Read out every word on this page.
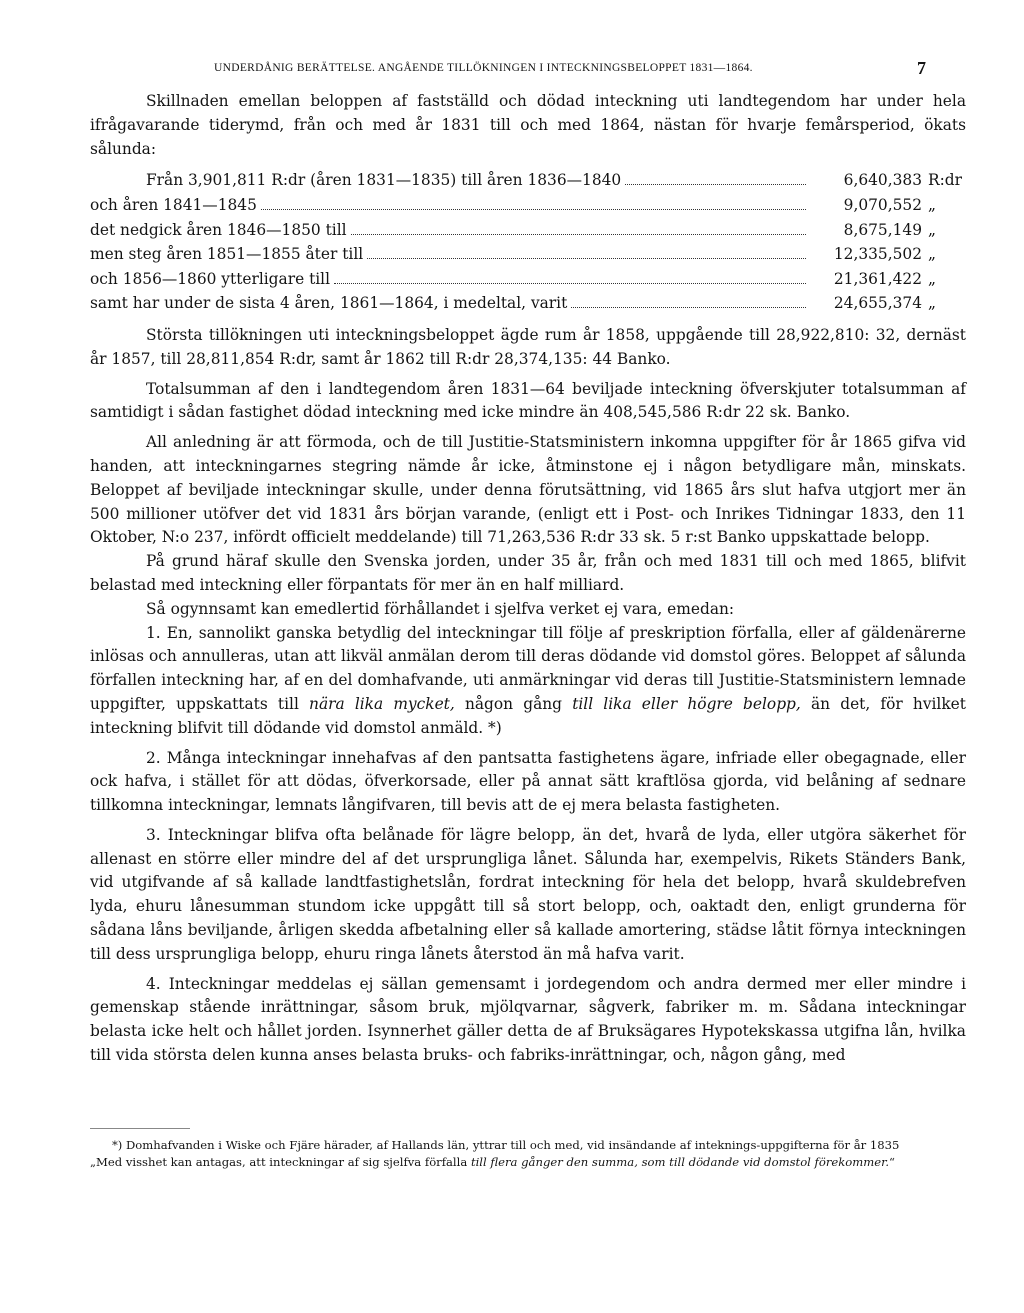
UNDERDÅNIG BERÄTTELSE. ANGÅENDE TILLÖKNINGEN I INTECKNINGSBELOPPET 1831—1864.	7

Skillnaden emellan beloppen af fastställd och dödad inteckning uti landtegendom har under hela ifrågavarande tiderymd, från och med år 1831 till och med 1864, nästan för hvarje femårsperiod, ökats sålunda:

Från 3,901,811 R:dr (åren 1831—1835) till åren 1836—1840	6,640,383 R:dr
och åren 1841—1845	9,070,552 „
det nedgick åren 1846—1850 till	8,675,149 „
men steg åren 1851—1855 åter till	12,335,502 „
och 1856—1860 ytterligare till	21,361,422 „
samt har under de sista 4 åren, 1861—1864, i medeltal, varit	24,655,374 „

Största tillökningen uti inteckningsbeloppet ägde rum år 1858, uppgående till 28,922,810: 32, dernäst år 1857, till 28,811,854 R:dr, samt år 1862 till R:dr 28,374,135: 44 Banko.

Totalsumman af den i landtegendom åren 1831—64 beviljade inteckning öfverskjuter totalsumman af samtidigt i sådan fastighet dödad inteckning med icke mindre än 408,545,586 R:dr 22 sk. Banko.

All anledning är att förmoda, och de till Justitie-Statsministern inkomna uppgifter för år 1865 gifva vid handen, att inteckningarnes stegring nämde år icke, åtminstone ej i någon betydligare mån, minskats. Beloppet af beviljade inteckningar skulle, under denna förutsättning, vid 1865 års slut hafva utgjort mer än 500 millioner utöfver det vid 1831 års början varande, (enligt ett i Post- och Inrikes Tidningar 1833, den 11 Oktober, N:o 237, infördt officielt meddelande) till 71,263,536 R:dr 33 sk. 5 r:st Banko uppskattade belopp.

På grund häraf skulle den Svenska jorden, under 35 år, från och med 1831 till och med 1865, blifvit belastad med inteckning eller förpantats för mer än en half milliard.

Så ogynnsamt kan emedlertid förhållandet i sjelfva verket ej vara, emedan:

1. En, sannolikt ganska betydlig del inteckningar till följe af preskription förfalla, eller af gäldenärerne inlösas och annulleras, utan att likväl anmälan derom till deras dödande vid domstol göres. Beloppet af sålunda förfallen inteckning har, af en del domhafvande, uti anmärkningar vid deras till Justitie-Statsministern lemnade uppgifter, uppskattats till nära lika mycket, någon gång till lika eller högre belopp, än det, för hvilket inteckning blifvit till dödande vid domstol anmäld. *)

2. Många inteckningar innehafvas af den pantsatta fastighetens ägare, infriade eller obegagnade, eller ock hafva, i stället för att dödas, öfverkorsade, eller på annat sätt kraftlösa gjorda, vid belåning af sednare tillkomna inteckningar, lemnats långifvaren, till bevis att de ej mera belasta fastigheten.

3. Inteckningar blifva ofta belånade för lägre belopp, än det, hvarå de lyda, eller utgöra säkerhet för allenast en större eller mindre del af det ursprungliga lånet. Sålunda har, exempelvis, Rikets Ständers Bank, vid utgifvande af så kallade landtfastighetslån, fordrat inteckning för hela det belopp, hvarå skuldebrefven lyda, ehuru lånesumman stundom icke uppgått till så stort belopp, och, oaktadt den, enligt grunderna för sådana låns beviljande, årligen skedda afbetalning eller så kallade amortering, städse låtit förnya inteckningen till dess ursprungliga belopp, ehuru ringa lånets återstod än må hafva varit.

4. Inteckningar meddelas ej sällan gemensamt i jordegendom och andra dermed mer eller mindre i gemenskap stående inrättningar, såsom bruk, mjölqvarnar, sågverk, fabriker m. m. Sådana inteckningar belasta icke helt och hållet jorden. Isynnerhet gäller detta de af Bruksägares Hypotekskassa utgifna lån, hvilka till vida största delen kunna anses belasta bruks- och fabriks-inrättningar, och, någon gång, med

*) Domhafvanden i Wiske och Fjäre härader, af Hallands län, yttrar till och med, vid insändande af inteknings-uppgifterna för år 1835

„Med visshet kan antagas, att inteckningar af sig sjelfva förfalla till flera gånger den summa, som till dödande vid domstol förekommer.“
